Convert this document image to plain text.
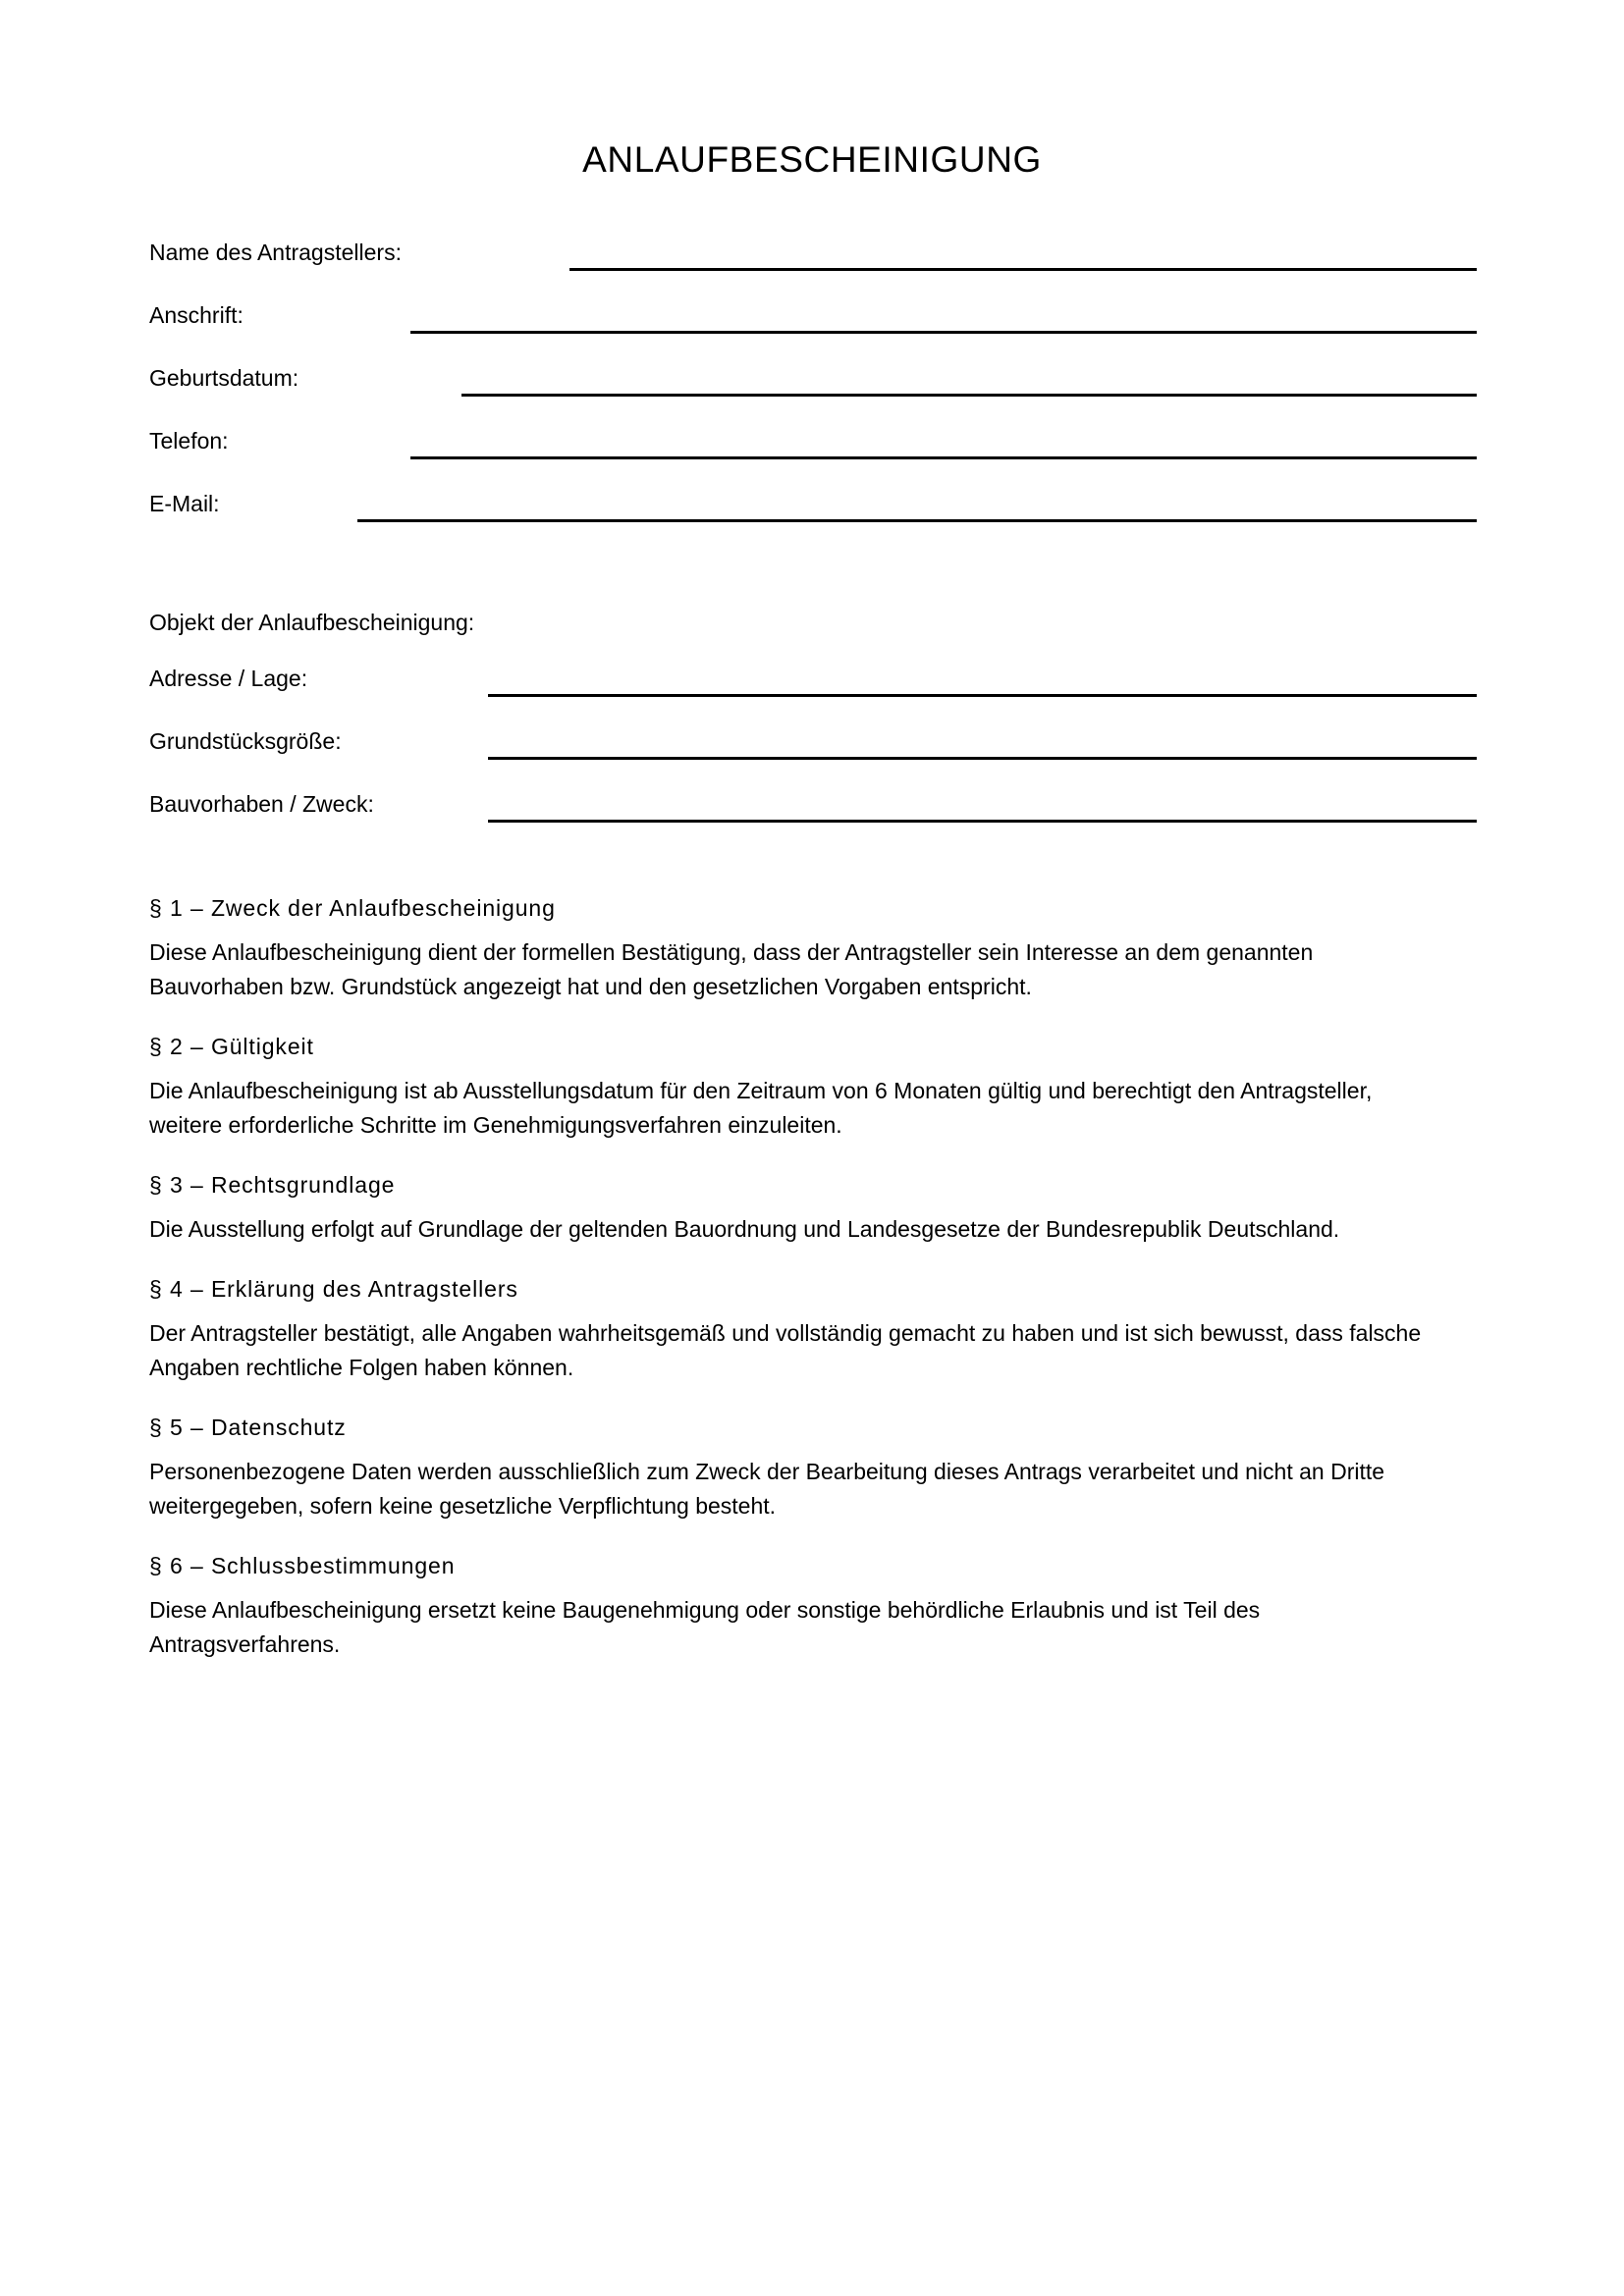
ANLAUFBESCHEINIGUNG
Name des Antragstellers:
Anschrift:
Geburtsdatum:
Telefon:
E-Mail:
Objekt der Anlaufbescheinigung:
Adresse / Lage:
Grundstücksgröße:
Bauvorhaben / Zweck:
§ 1 – Zweck der Anlaufbescheinigung

Diese Anlaufbescheinigung dient der formellen Bestätigung, dass der Antragsteller sein Interesse an dem genannten Bauvorhaben bzw. Grundstück angezeigt hat und den gesetzlichen Vorgaben entspricht.

§ 2 – Gültigkeit

Die Anlaufbescheinigung ist ab Ausstellungsdatum für den Zeitraum von 6 Monaten gültig und berechtigt den Antragsteller, weitere erforderliche Schritte im Genehmigungsverfahren einzuleiten.

§ 3 – Rechtsgrundlage

Die Ausstellung erfolgt auf Grundlage der geltenden Bauordnung und Landesgesetze der Bundesrepublik Deutschland.

§ 4 – Erklärung des Antragstellers

Der Antragsteller bestätigt, alle Angaben wahrheitsgemäß und vollständig gemacht zu haben und ist sich bewusst, dass falsche Angaben rechtliche Folgen haben können.

§ 5 – Datenschutz

Personenbezogene Daten werden ausschließlich zum Zweck der Bearbeitung dieses Antrags verarbeitet und nicht an Dritte weitergegeben, sofern keine gesetzliche Verpflichtung besteht.

§ 6 – Schlussbestimmungen

Diese Anlaufbescheinigung ersetzt keine Baugenehmigung oder sonstige behördliche Erlaubnis und ist Teil des Antragsverfahrens.
